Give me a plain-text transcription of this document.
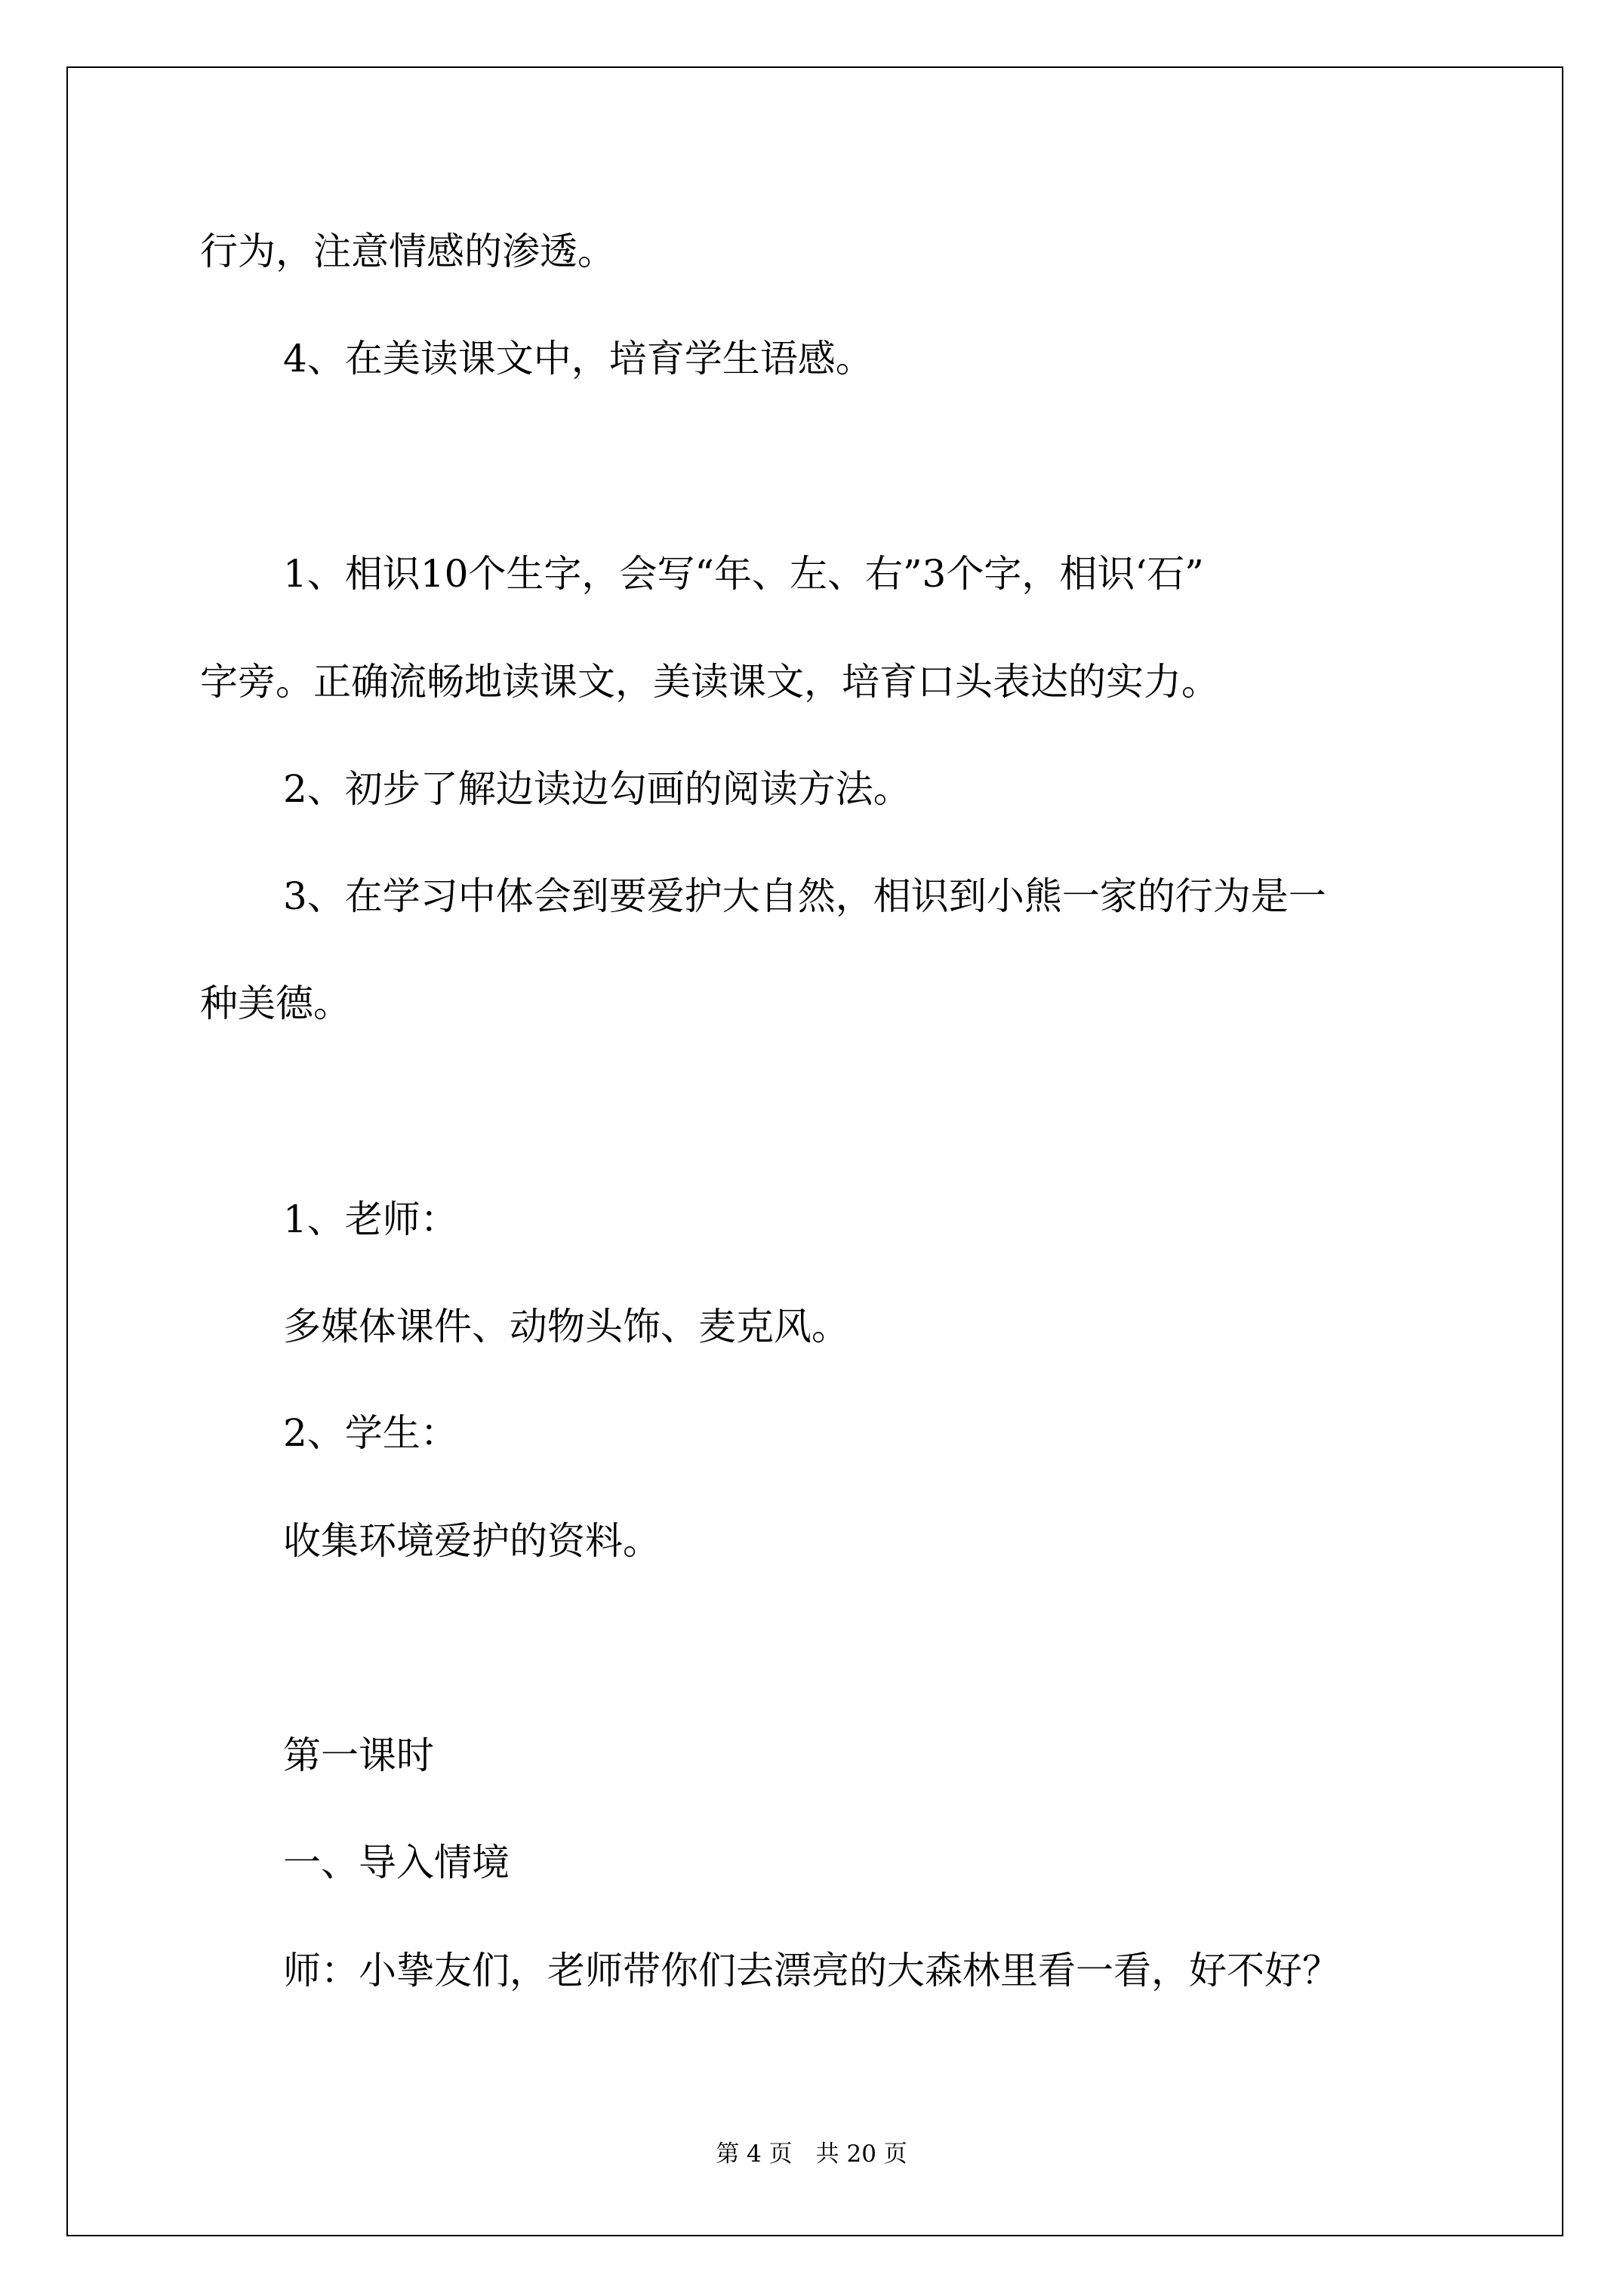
行为，注意情感的渗透。
4、在美读课文中，培育学生语感。
1、相识10个生字，会写“年、左、右”3个字，相识‘石”
字旁。正确流畅地读课文，美读课文，培育口头表达的实力。
2、初步了解边读边勾画的阅读方法。
3、在学习中体会到要爱护大自然，相识到小熊一家的行为是一
种美德。
1、老师：
多媒体课件、动物头饰、麦克风。
2、学生：
收集环境爱护的资料。
第一课时
一、导入情境
师：小挚友们，老师带你们去漂亮的大森林里看一看，好不好？
第 4 页　共 20 页
